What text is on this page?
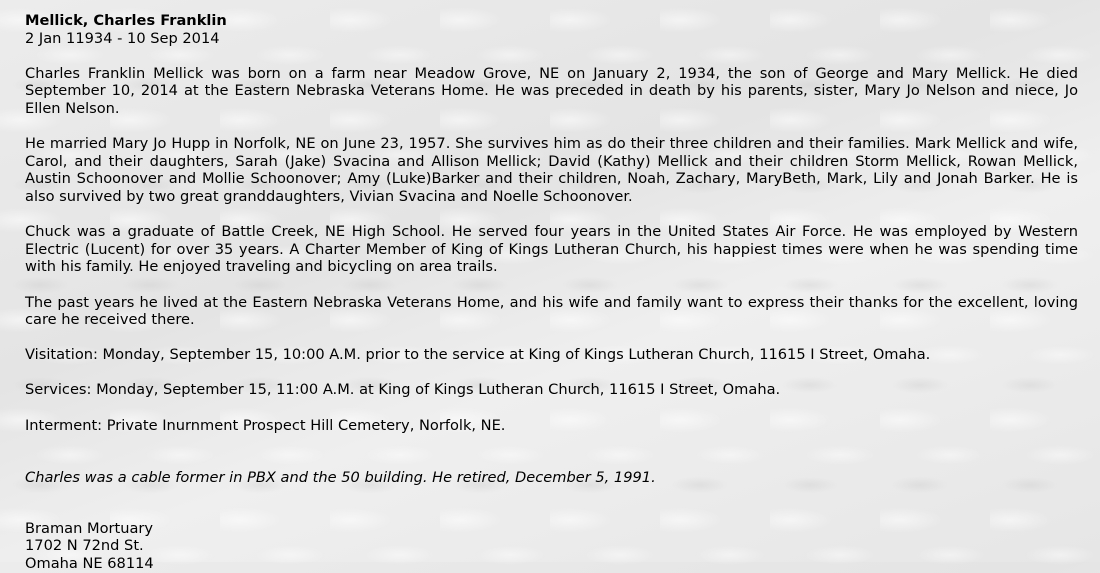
Mellick, Charles Franklin
2 Jan 11934 - 10 Sep 2014

Charles Franklin Mellick was born on a farm near Meadow Grove, NE on January 2, 1934, the son of George and Mary Mellick. He died September 10, 2014 at the Eastern Nebraska Veterans Home. He was preceded in death by his parents, sister, Mary Jo Nelson and niece, Jo Ellen Nelson.

He married Mary Jo Hupp in Norfolk, NE on June 23, 1957. She survives him as do their three children and their families. Mark Mellick and wife, Carol, and their daughters, Sarah (Jake) Svacina and Allison Mellick; David (Kathy) Mellick and their children Storm Mellick, Rowan Mellick, Austin Schoonover and Mollie Schoonover; Amy (Luke)Barker and their children, Noah, Zachary, MaryBeth, Mark, Lily and Jonah Barker. He is also survived by two great granddaughters, Vivian Svacina and Noelle Schoonover.

Chuck was a graduate of Battle Creek, NE High School. He served four years in the United States Air Force. He was employed by Western Electric (Lucent) for over 35 years. A Charter Member of King of Kings Lutheran Church, his happiest times were when he was spending time with his family. He enjoyed traveling and bicycling on area trails.

The past years he lived at the Eastern Nebraska Veterans Home, and his wife and family want to express their thanks for the excellent, loving care he received there.

Visitation: Monday, September 15, 10:00 A.M. prior to the service at King of Kings Lutheran Church, 11615 I Street, Omaha.

Services: Monday, September 15, 11:00 A.M. at King of Kings Lutheran Church, 11615 I Street, Omaha.

Interment: Private Inurnment Prospect Hill Cemetery, Norfolk, NE.

Charles was a cable former in PBX and the 50 building. He retired, December 5, 1991.

Braman Mortuary
1702 N 72nd St.
Omaha NE 68114
